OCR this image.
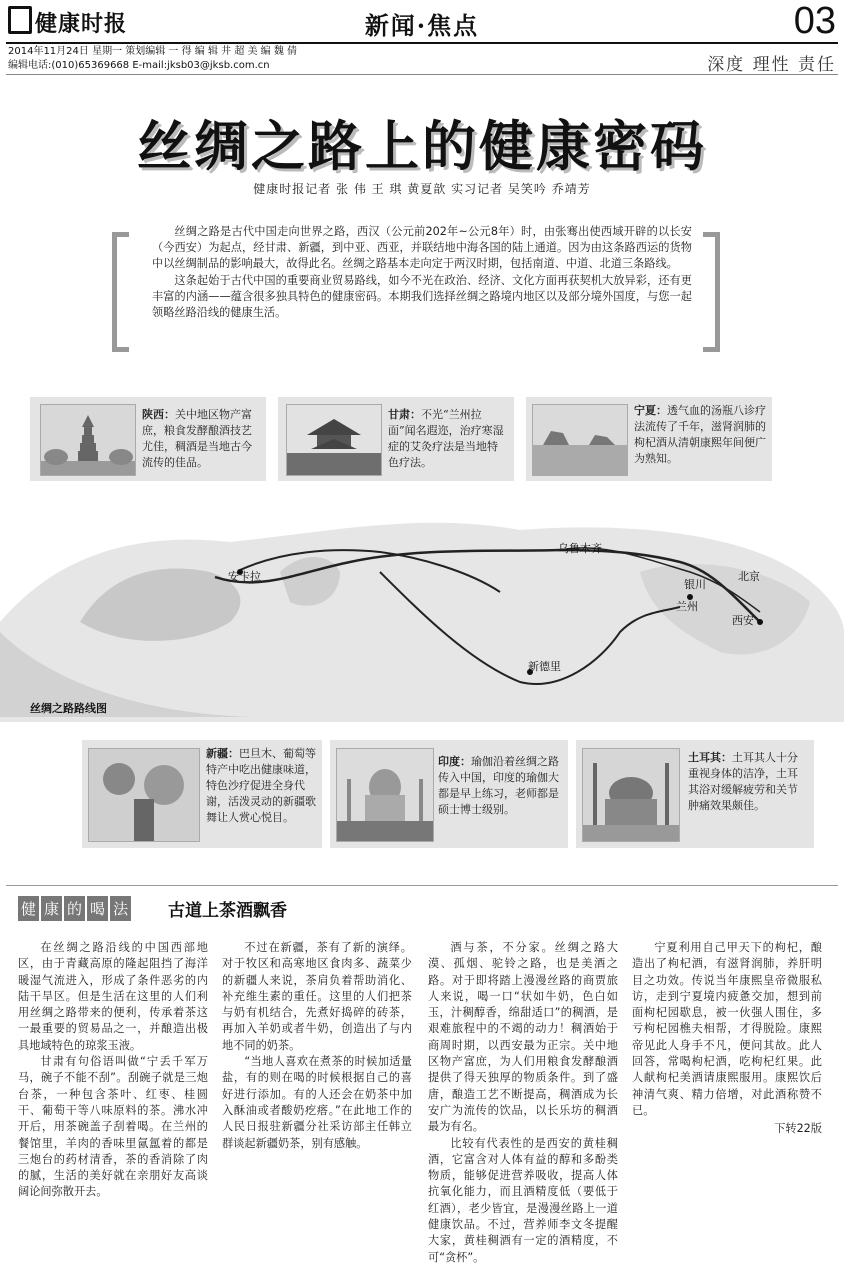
健康时报	新闻·焦点	03
2014年11月24日 星期一 策划编辑 一 得 编 辑 井 超 美 编 魏 倩
编辑电话:(010)65369668 E-mail:jksb03@jksb.com.cn	深度 理性 责任
丝绸之路上的健康密码
健康时报记者 张 伟 王 琪 黄夏歆 实习记者 吴笑吟 乔靖芳

丝绸之路是古代中国走向世界之路，西汉（公元前202年~公元8年）时，由张骞出使西域开辟的以长安（今西安）为起点，经甘肃、新疆，到中亚、西亚，并联结地中海各国的陆上通道。因为由这条路西运的货物中以丝绸制品的影响最大，故得此名。丝绸之路基本走向定于两汉时期，包括南道、中道、北道三条路线。

这条起始于古代中国的重要商业贸易路线，如今不光在政治、经济、文化方面再获契机大放异彩，还有更丰富的内涵——蕴含很多独具特色的健康密码。本期我们选择丝绸之路境内地区以及部分境外国度，与您一起领略丝路沿线的健康生活。

陕西：关中地区物产富庶，粮食发酵酿酒技艺尤佳，稠酒是当地古今流传的佳品。
甘肃：不光“兰州拉面”闻名遐迩，治疗寒湿症的艾灸疗法是当地特色疗法。
宁夏：透气血的汤瓶八诊疗法流传了千年，滋肾润肺的枸杞酒从清朝康熙年间便广为熟知。
乌鲁木齐
安卡拉
银川
北京
兰州
西安
新德里
丝绸之路路线图
新疆：巴旦木、葡萄等特产中吃出健康味道，特色沙疗促进全身代谢，活泼灵动的新疆歌舞让人赏心悦目。
印度：瑜伽沿着丝绸之路传入中国，印度的瑜伽大都是早上练习，老师都是硕士博士级别。
土耳其：土耳其人十分重视身体的洁净，土耳其浴对缓解疲劳和关节肿痛效果颇佳。
健 康 的 喝 法 古道上茶酒飘香

在丝绸之路沿线的中国西部地区，由于青藏高原的隆起阻挡了海洋暖湿气流进入，形成了条件恶劣的内陆干旱区。但是生活在这里的人们利用丝绸之路带来的便利，传承着茶这一最重要的贸易品之一，并酿造出极具地域特色的琼浆玉液。

甘肃有句俗语叫做“宁丢千军万马，碗子不能不刮”。刮碗子就是三炮台茶，一种包含茶叶、红枣、桂圆干、葡萄干等八味原料的茶。沸水冲开后，用茶碗盖子刮着喝。在兰州的餐馆里，羊肉的香味里氤氲着的都是三炮台的药材清香，茶的香消除了肉的腻，生活的美好就在亲朋好友高谈阔论间弥散开去。

不过在新疆，茶有了新的演绎。对于牧区和高寒地区食肉多、蔬菜少的新疆人来说，茶肩负着帮助消化、补充维生素的重任。这里的人们把茶与奶有机结合，先煮好捣碎的砖茶，再加入羊奶或者牛奶，创造出了与内地不同的奶茶。

“当地人喜欢在煮茶的时候加适量盐，有的则在喝的时候根据自己的喜好进行添加。有的人还会在奶茶中加入酥油或者酸奶疙瘩。”在此地工作的人民日报驻新疆分社采访部主任韩立群谈起新疆奶茶，别有感触。

酒与茶，不分家。丝绸之路大漠、孤烟、驼铃之路，也是美酒之路。对于即将踏上漫漫丝路的商贾旅人来说，喝一口“状如牛奶，色白如玉，汁稠醇香，绵甜适口”的稠酒，是艰难旅程中的不竭的动力！稠酒始于商周时期，以西安最为正宗。关中地区物产富庶，为人们用粮食发酵酿酒提供了得天独厚的物质条件。到了盛唐，酿造工艺不断提高，稠酒成为长安广为流传的饮品，以长乐坊的稠酒最为有名。

比较有代表性的是西安的黄桂稠酒，它富含对人体有益的醇和多酚类物质，能够促进营养吸收，提高人体抗氧化能力，而且酒精度低（要低于红酒），老少皆宜，是漫漫丝路上一道健康饮品。不过，营养师李文冬提醒大家，黄桂稠酒有一定的酒精度，不可“贪杯”。

宁夏利用自己甲天下的枸杞，酿造出了枸杞酒，有滋肾润肺，养肝明目之功效。传说当年康熙皇帝微服私访，走到宁夏境内疲惫交加，想到前面枸杞园歇息，被一伙强人围住，多亏枸杞园樵夫相帮，才得脱险。康熙帝见此人身手不凡，便问其故。此人回答，常喝枸杞酒，吃枸杞红果。此人献枸杞美酒请康熙服用。康熙饮后神清气爽、精力倍增，对此酒称赞不已。

下转22版
